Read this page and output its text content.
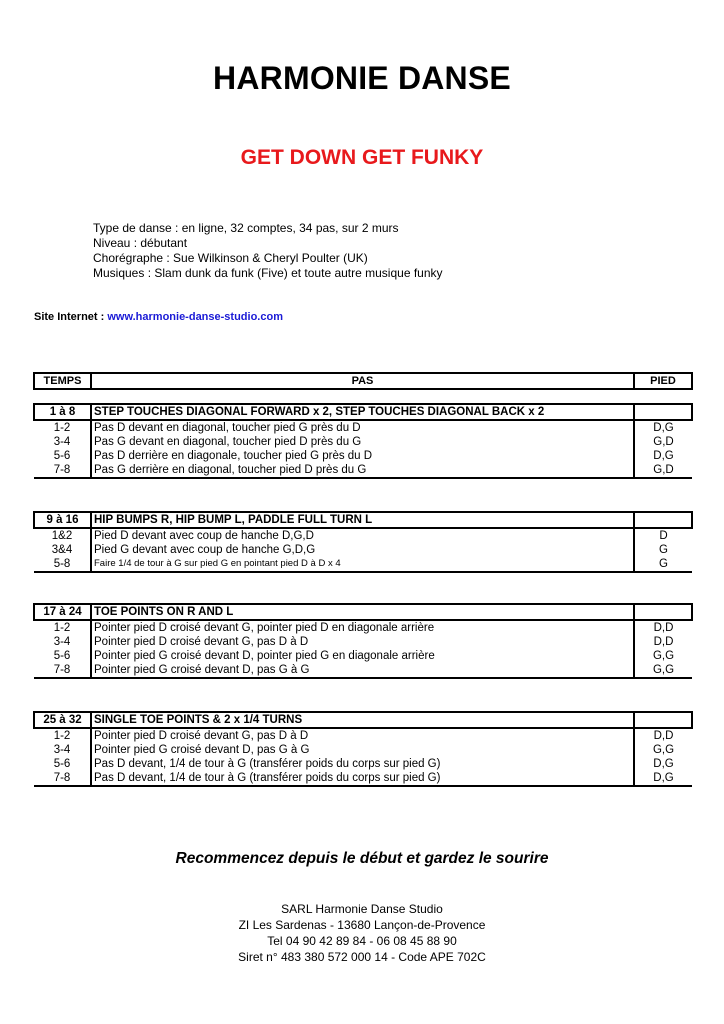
HARMONIE DANSE
GET DOWN GET FUNKY
Type de danse : en ligne, 32 comptes, 34 pas, sur 2 murs
Niveau : débutant
Chorégraphe : Sue Wilkinson & Cheryl Poulter (UK)
Musiques : Slam dunk da funk (Five) et toute autre musique funky
Site Internet : www.harmonie-danse-studio.com
TEMPS	PAS	PIED
1 à 8	STEP TOUCHES DIAGONAL FORWARD x 2, STEP TOUCHES DIAGONAL BACK x 2	
1-2	Pas D devant en diagonal, toucher pied G près du D	D,G
3-4	Pas G devant en diagonal, toucher pied D près du G	G,D
5-6	Pas D derrière en diagonale, toucher pied G près du D	D,G
7-8	Pas G derrière en diagonal, toucher pied D près du G	G,D
9 à 16	HIP BUMPS R, HIP BUMP L, PADDLE FULL TURN L	
1&2	Pied D devant avec coup de hanche D,G,D	D
3&4	Pied G devant avec coup de hanche G,D,G	G
5-8	Faire 1/4 de tour à G sur pied G en pointant pied D à D x 4	G
17 à 24	TOE POINTS ON R AND L	
1-2	Pointer pied D croisé devant G, pointer pied D en diagonale arrière	D,D
3-4	Pointer pied D croisé devant G, pas D à D	D,D
5-6	Pointer pied G croisé devant D, pointer pied G en diagonale arrière	G,G
7-8	Pointer pied G croisé devant D, pas G à G	G,G
25 à 32	SINGLE TOE POINTS & 2 x 1/4 TURNS	
1-2	Pointer pied D croisé devant G, pas D à D	D,D
3-4	Pointer pied G croisé devant D, pas G à G	G,G
5-6	Pas D devant, 1/4 de tour à G (transférer poids du corps sur pied G)	D,G
7-8	Pas D devant, 1/4 de tour à G (transférer poids du corps sur pied G)	D,G
Recommencez depuis le début et gardez le sourire
SARL Harmonie Danse Studio
ZI Les Sardenas - 13680 Lançon-de-Provence
Tel 04 90 42 89 84 - 06 08 45 88 90
Siret n° 483 380 572 000 14 - Code APE 702C
